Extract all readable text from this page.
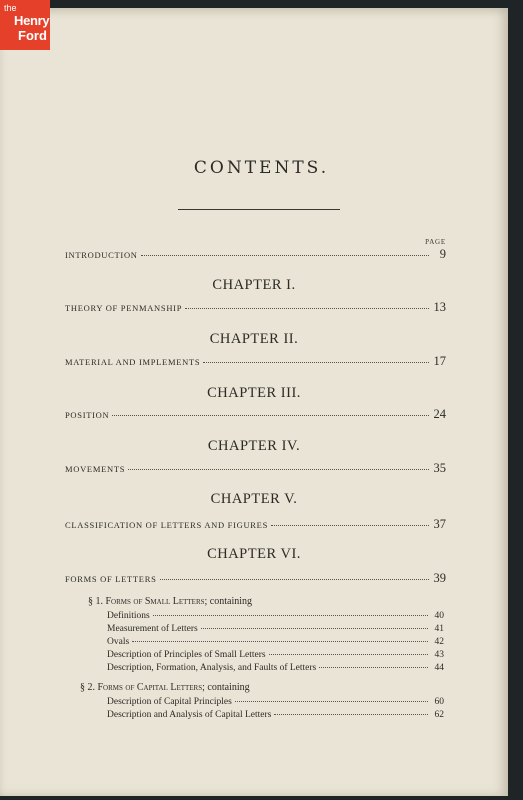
the
Henry
Ford
CONTENTS.
PAGE
INTRODUCTION	9
CHAPTER I.
THEORY OF PENMANSHIP	13
CHAPTER II.
MATERIAL AND IMPLEMENTS	17
CHAPTER III.
POSITION	24
CHAPTER IV.
MOVEMENTS	35
CHAPTER V.
CLASSIFICATION OF LETTERS AND FIGURES	37
CHAPTER VI.
FORMS OF LETTERS	39
§ 1. Forms of Small Letters; containing
Definitions	40
Measurement of Letters	41
Ovals	42
Description of Principles of Small Letters	43
Description, Formation, Analysis, and Faults of Letters	44
§ 2. Forms of Capital Letters; containing
Description of Capital Principles	60
Description and Analysis of Capital Letters	62
